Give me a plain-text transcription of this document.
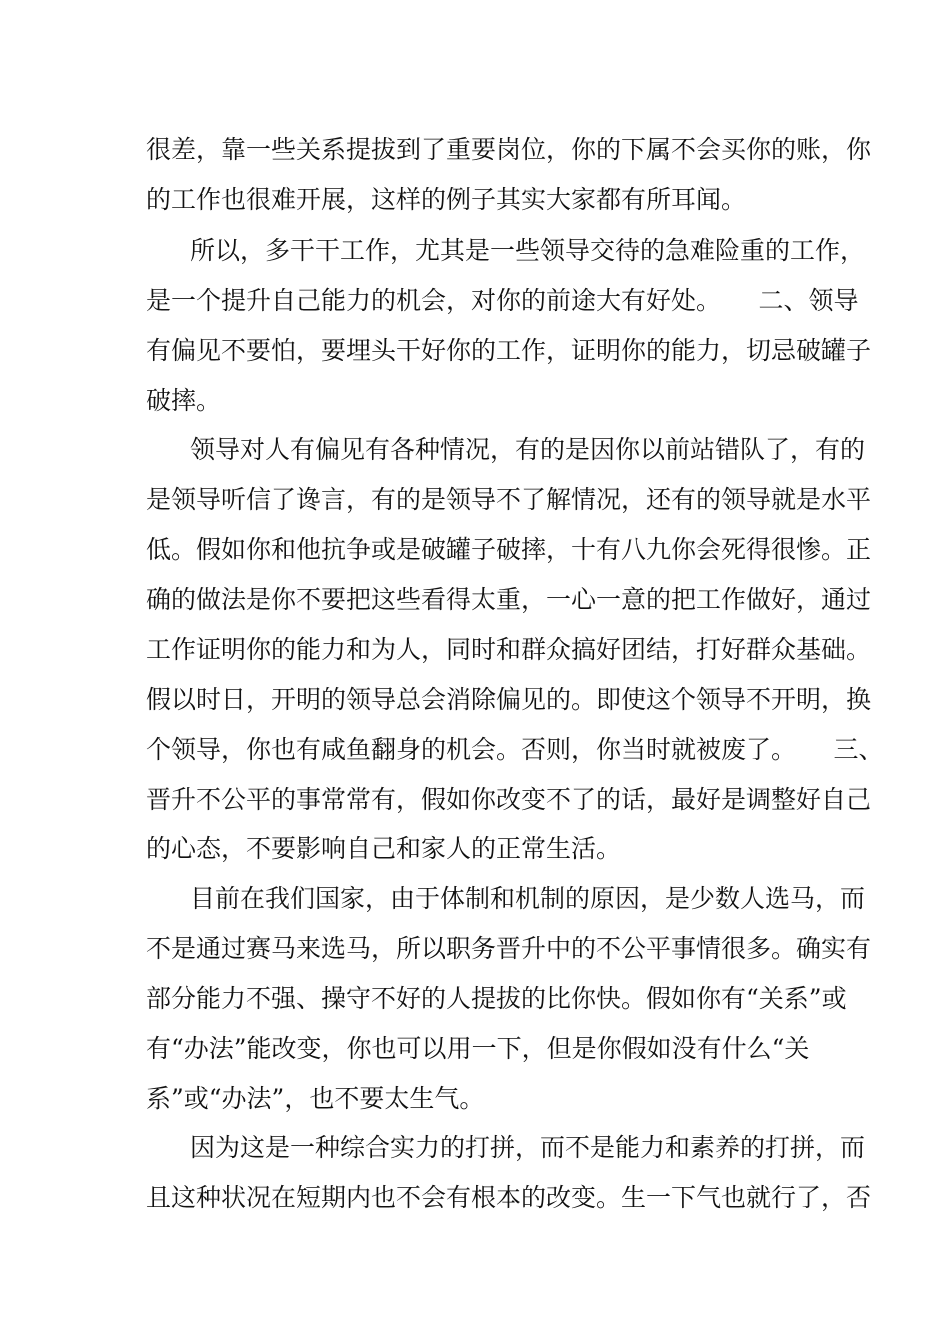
很差，靠一些关系提拔到了重要岗位，你的下属不会买你的账，你
的工作也很难开展，这样的例子其实大家都有所耳闻。
所以，多干干工作，尤其是一些领导交待的急难险重的工作，
是一个提升自己能力的机会，对你的前途大有好处。　　二、领导
有偏见不要怕，要埋头干好你的工作，证明你的能力，切忌破罐子
破摔。
领导对人有偏见有各种情况，有的是因你以前站错队了，有的
是领导听信了谗言，有的是领导不了解情况，还有的领导就是水平
低。假如你和他抗争或是破罐子破摔，十有八九你会死得很惨。正
确的做法是你不要把这些看得太重，一心一意的把工作做好，通过
工作证明你的能力和为人，同时和群众搞好团结，打好群众基础。
假以时日，开明的领导总会消除偏见的。即使这个领导不开明，换
个领导，你也有咸鱼翻身的机会。否则，你当时就被废了。　　三、
晋升不公平的事常常有，假如你改变不了的话，最好是调整好自己
的心态，不要影响自己和家人的正常生活。
目前在我们国家，由于体制和机制的原因，是少数人选马，而
不是通过赛马来选马，所以职务晋升中的不公平事情很多。确实有
部分能力不强、操守不好的人提拔的比你快。假如你有“关系”或
有“办法”能改变，你也可以用一下，但是你假如没有什么“关
系”或“办法”，也不要太生气。
因为这是一种综合实力的打拼，而不是能力和素养的打拼，而
且这种状况在短期内也不会有根本的改变。生一下气也就行了，否
